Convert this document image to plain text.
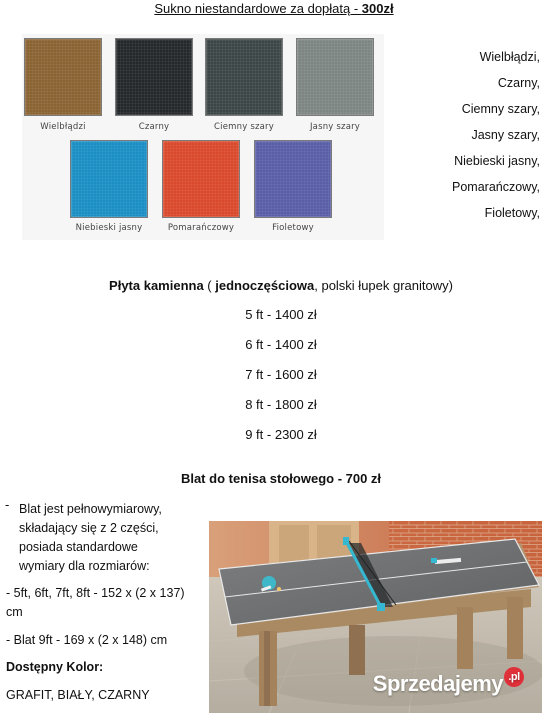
Sukno niestandardowe za dopłatą - 300zł
Wielbłądzi	Czarny	Ciemny szary	Jasny szary
Niebieski jasny	Pomarańczowy	Fioletowy
Wielbłądzi,
Czarny,
Ciemny szary,
Jasny szary,
Niebieski jasny,
Pomarańczowy,
Fioletowy,
Płyta kamienna ( jednoczęściowa, polski łupek granitowy)
5 ft - 1400 zł
6 ft - 1400 zł
7 ft - 1600 zł
8 ft - 1800 zł
9 ft - 2300 zł
Blat do tenisa stołowego - 700 zł
- Blat jest pełnowymiarowy,
składający się z 2 części,
posiada standardowe
wymiary dla rozmiarów:
- 5ft, 6ft, 7ft, 8ft - 152 x (2 x 137)
cm
- Blat 9ft - 169 x (2 x 148) cm
Dostępny Kolor:
GRAFIT, BIAŁY, CZARNY	Sprzedajemy .pl
